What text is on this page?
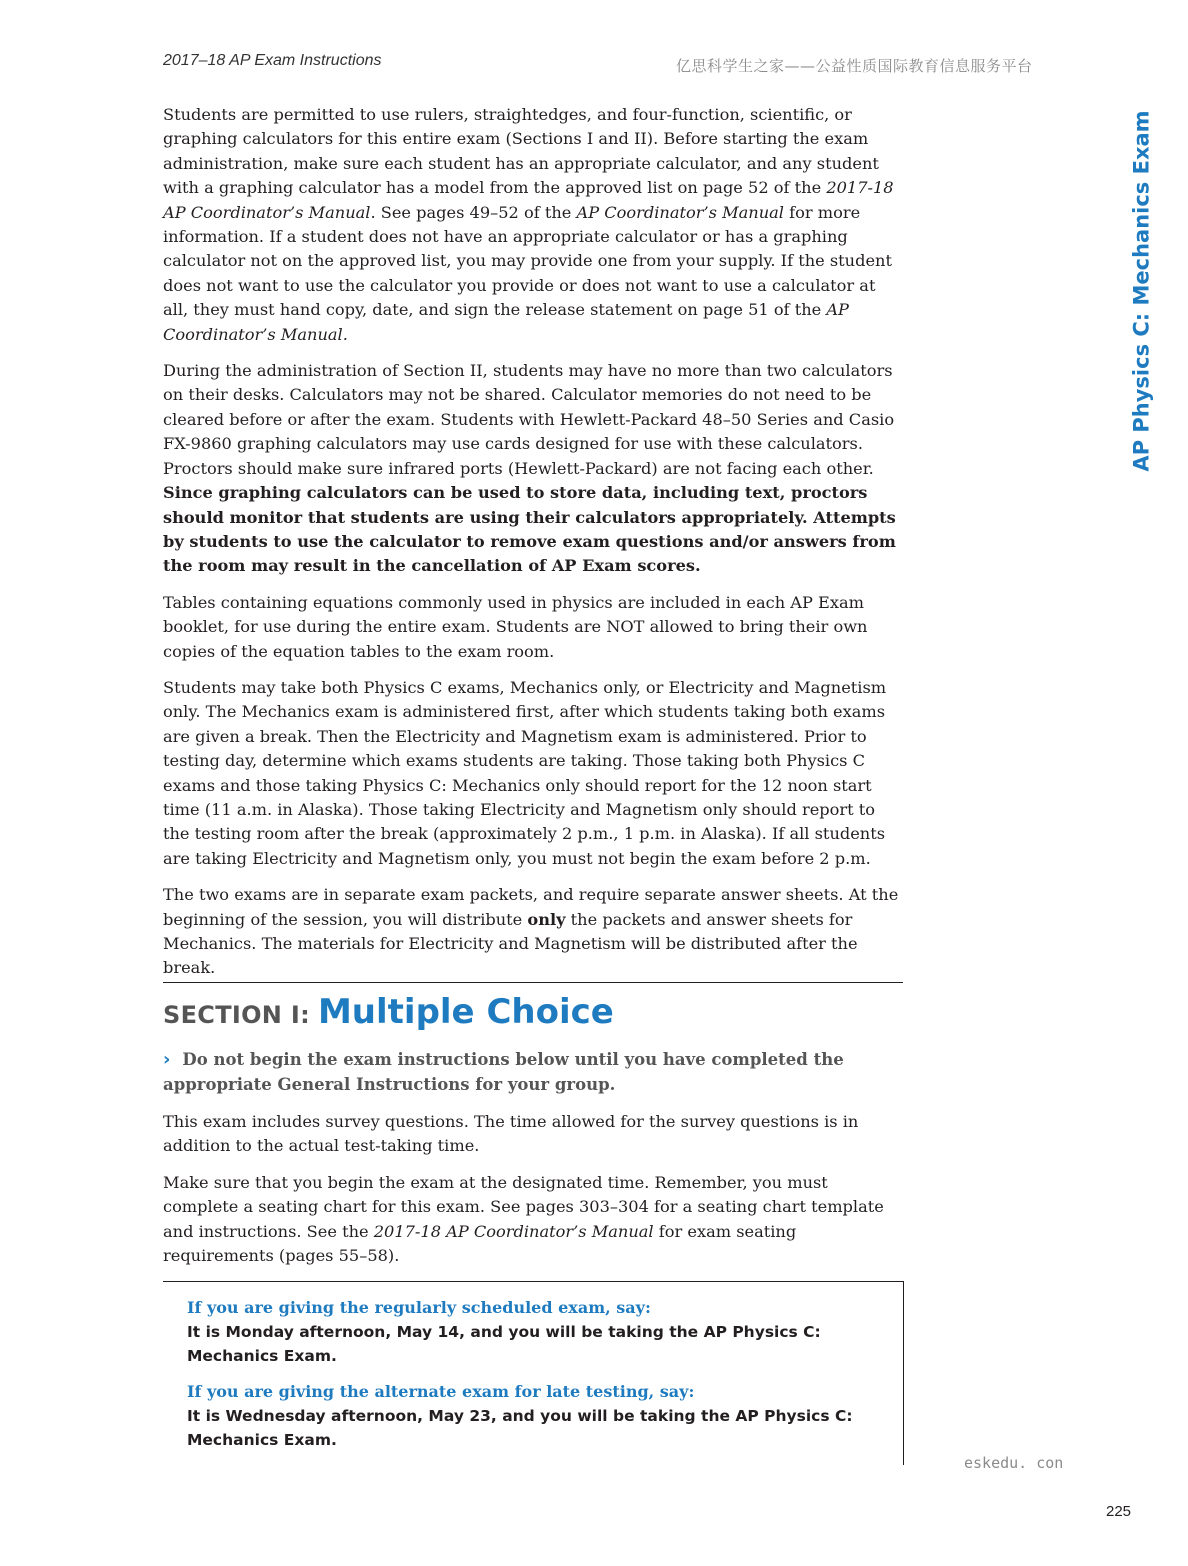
2017–18 AP Exam Instructions	亿思科学生之家——公益性质国际教育信息服务平台
AP Physics C: Mechanics Exam

Students are permitted to use rulers, straightedges, and four-function, scientific, or graphing calculators for this entire exam (Sections I and II). Before starting the exam administration, make sure each student has an appropriate calculator, and any student with a graphing calculator has a model from the approved list on page 52 of the 2017-18 AP Coordinator’s Manual. See pages 49–52 of the AP Coordinator’s Manual for more information. If a student does not have an appropriate calculator or has a graphing calculator not on the approved list, you may provide one from your supply. If the student does not want to use the calculator you provide or does not want to use a calculator at all, they must hand copy, date, and sign the release statement on page 51 of the AP Coordinator’s Manual.

During the administration of Section II, students may have no more than two calculators on their desks. Calculators may not be shared. Calculator memories do not need to be cleared before or after the exam. Students with Hewlett-Packard 48–50 Series and Casio FX-9860 graphing calculators may use cards designed for use with these calculators. Proctors should make sure infrared ports (Hewlett-Packard) are not facing each other. Since graphing calculators can be used to store data, including text, proctors should monitor that students are using their calculators appropriately. Attempts by students to use the calculator to remove exam questions and/or answers from the room may result in the cancellation of AP Exam scores.

Tables containing equations commonly used in physics are included in each AP Exam booklet, for use during the entire exam. Students are NOT allowed to bring their own copies of the equation tables to the exam room.

Students may take both Physics C exams, Mechanics only, or Electricity and Magnetism only. The Mechanics exam is administered first, after which students taking both exams are given a break. Then the Electricity and Magnetism exam is administered. Prior to testing day, determine which exams students are taking. Those taking both Physics C exams and those taking Physics C: Mechanics only should report for the 12 noon start time (11 a.m. in Alaska). Those taking Electricity and Magnetism only should report to the testing room after the break (approximately 2 p.m., 1 p.m. in Alaska). If all students are taking Electricity and Magnetism only, you must not begin the exam before 2 p.m.

The two exams are in separate exam packets, and require separate answer sheets. At the beginning of the session, you will distribute only the packets and answer sheets for Mechanics. The materials for Electricity and Magnetism will be distributed after the break.

SECTION I: Multiple Choice
› Do not begin the exam instructions below until you have completed the appropriate General Instructions for your group.

This exam includes survey questions. The time allowed for the survey questions is in addition to the actual test-taking time.

Make sure that you begin the exam at the designated time. Remember, you must complete a seating chart for this exam. See pages 303–304 for a seating chart template and instructions. See the 2017-18 AP Coordinator’s Manual for exam seating requirements (pages 55–58).

If you are giving the regularly scheduled exam, say:
It is Monday afternoon, May 14, and you will be taking the AP Physics C: Mechanics Exam.
If you are giving the alternate exam for late testing, say:
It is Wednesday afternoon, May 23, and you will be taking the AP Physics C: Mechanics Exam.
eskedu. con
225
